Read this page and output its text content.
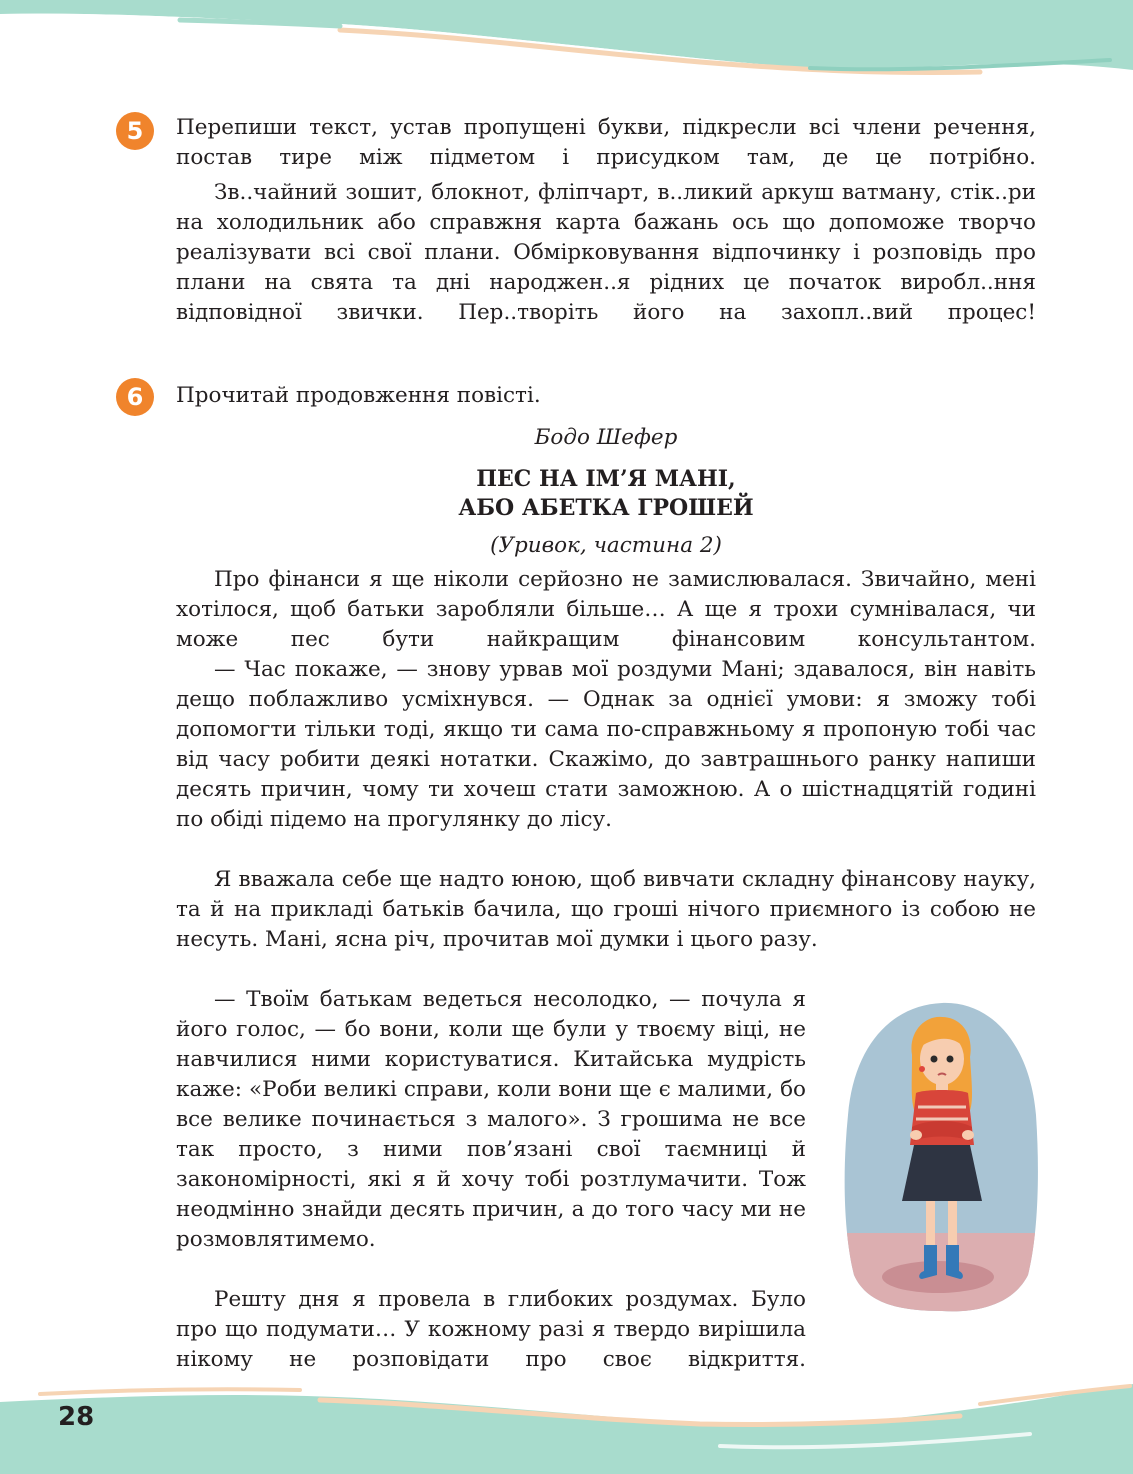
5	Перепиши текст, устав пропущені букви, підкресли всі члени речення, постав тире між підметом і присудком там, де це потрібно.

Зв..чайний зошит, блокнот, фліпчарт, в..ликий аркуш ватману, стік..ри на холодильник або справжня карта бажань ось що допоможе творчо реалізувати всі свої плани. Обмірковування відпочинку і розповідь про плани на свята та дні народжен..я рідних це початок виробл..ння відповідної звички. Пер..творіть його на захопл..вий процес!

6	Прочитай продовження повісті.

Бодо Шефер

ПЕС НА ІМ’Я МАНІ,

АБО АБЕТКА ГРОШЕЙ

(Уривок, частина 2)

Про фінанси я ще ніколи серйозно не замислювалася. Звичайно, мені хотілося, щоб батьки заробляли більше… А ще я трохи сумнівалася, чи може пес бути найкращим фінансовим консультантом.

— Час покаже, — знову урвав мої роздуми Мані; здавалося, він навіть дещо поблажливо усміхнувся. — Однак за однієї умови: я зможу тобі допомогти тільки тоді, якщо ти сама по-справжньому я пропоную тобі час від часу робити деякі нотатки. Скажімо, до завтрашнього ранку напиши десять причин, чому ти хочеш стати заможною. А о шістнадцятій годині по обіді підемо на прогулянку до лісу.

Я вважала себе ще надто юною, щоб вивчати складну фінансову науку, та й на прикладі батьків бачила, що гроші нічого приємного із собою не несуть. Мані, ясна річ, прочитав мої думки і цього разу.

— Твоїм батькам ведеться несолодко, — почула я його голос, — бо вони, коли ще були у твоєму віці, не навчилися ними користуватися. Китайська мудрість каже: «Роби великі справи, коли вони ще є малими, бо все велике починається з малого». З грошима не все так просто, з ними пов’язані свої таємниці й закономірності, які я й хочу тобі розтлумачити. Тож неодмінно знайди десять причин, а до того часу ми не розмовлятимемо.

Решту дня я провела в глибоких роздумах. Було про що подумати… У кожному разі я твердо вирішила нікому не розповідати про своє відкриття.

28
